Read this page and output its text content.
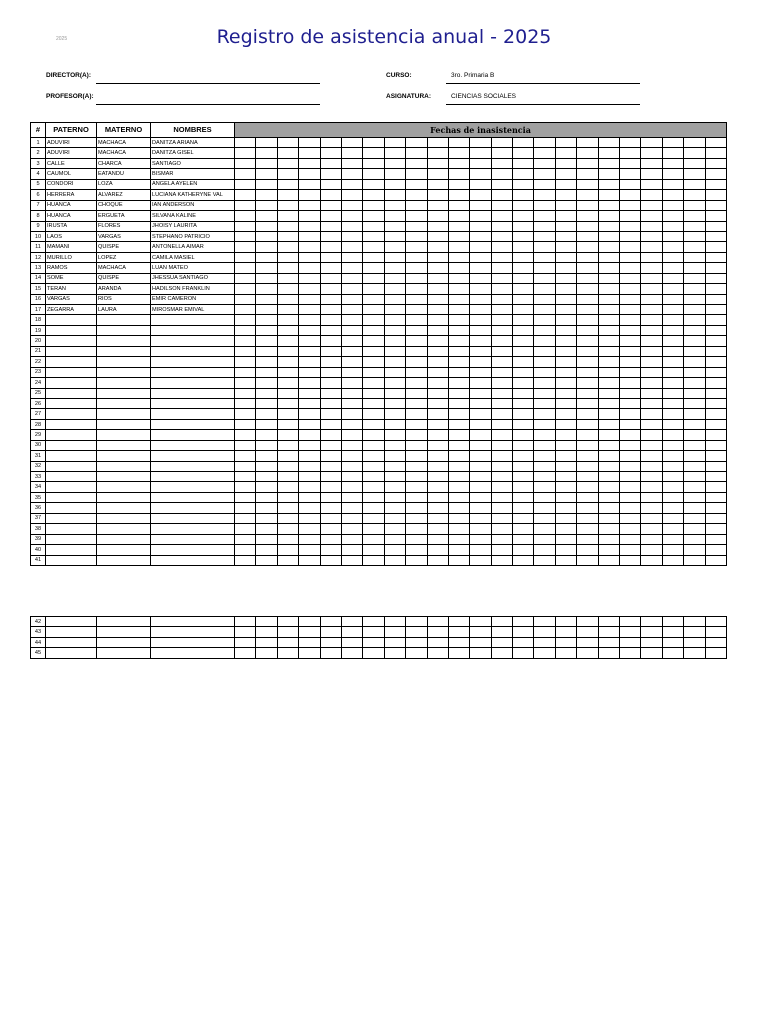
2025	Registro de asistencia anual - 2025
DIRECTOR(A):
PROFESOR(A):
CURSO:	3ro. Primaria B
ASIGNATURA:	CIENCIAS SOCIALES
#	PATERNO	MATERNO	NOMBRES	Fechas de inasistencia																						
1	ADUVIRI	MACHACA	DANITZA ARIANA																							
2	ADUVIRI	MACHACA	DANITZA GISEL																							
3	CALLE	CHARCA	SANTIAGO																							
4	CAUMOL	EATANDU	BISMAR																							
5	CONDORI	LOZA	ANGELA AYELEN																							
6	HERRERA	ALVAREZ	LUCIANA KATHERYNE VAL																							
7	HUANCA	CHOQUE	IAN ANDERSON																							
8	HUANCA	ERGUETA	SILVANA KALINE																							
9	IRUSTA	FLORES	JHOISY LAURITA																							
10	LAOS	VARGAS	STEPHANO PATRICIO																							
11	MAMANI	QUISPE	ANTONELLA AIMAR																							
12	MURILLO	LOPEZ	CAMILA MASIEL																							
13	RAMOS	MACHACA	LUAN MATEO																							
14	SOME	QUISPE	JHESSUA SANTIAGO																							
15	TERAN	ARANDA	HADILSON FRANKLIN																							
16	VARGAS	RIOS	EMIR CAMERON																							
17	ZEGARRA	LAURA	MIROSMAR EMIVAL																							
18																										
19																										
20																										
21																										
22																										
23																										
24																										
25																										
26																										
27																										
28																										
29																										
30																										
31																										
32																										
33																										
34																										
35																										
36																										
37																										
38																										
39																										
40																										
41																										
42																										
43																										
44																										
45																										
